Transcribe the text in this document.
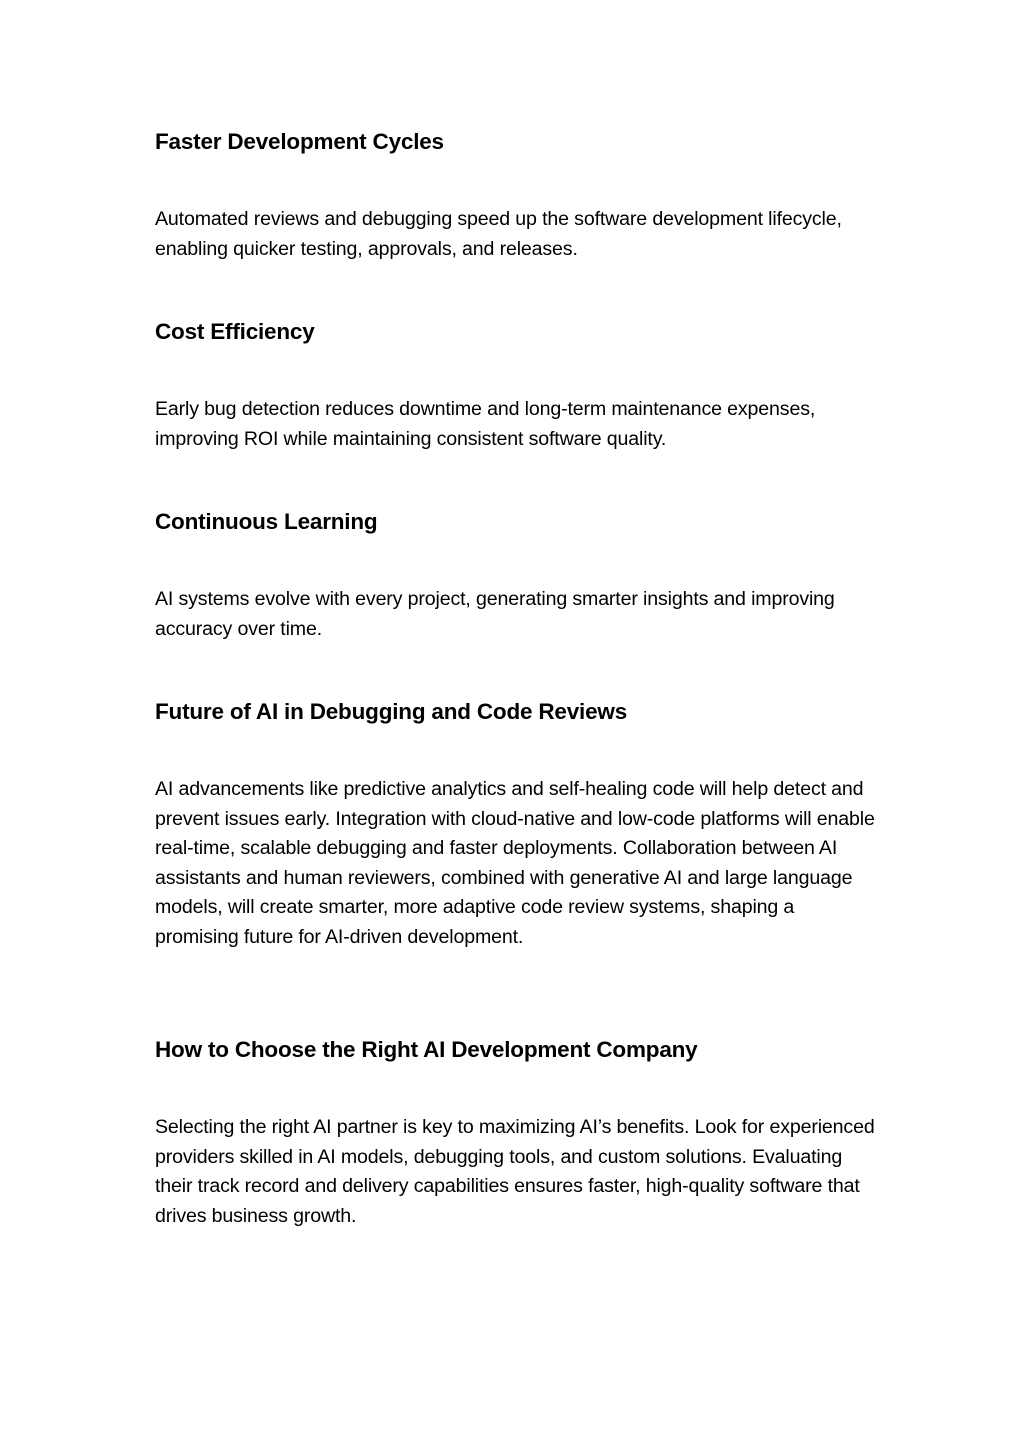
Faster Development Cycles

Automated reviews and debugging speed up the software development lifecycle, enabling quicker testing, approvals, and releases.

Cost Efficiency

Early bug detection reduces downtime and long-term maintenance expenses, improving ROI while maintaining consistent software quality.

Continuous Learning

AI systems evolve with every project, generating smarter insights and improving accuracy over time.

Future of AI in Debugging and Code Reviews

AI advancements like predictive analytics and self-healing code will help detect and prevent issues early. Integration with cloud-native and low-code platforms will enable real-time, scalable debugging and faster deployments. Collaboration between AI assistants and human reviewers, combined with generative AI and large language models, will create smarter, more adaptive code review systems, shaping a promising future for AI-driven development.

How to Choose the Right AI Development Company

Selecting the right AI partner is key to maximizing AI’s benefits. Look for experienced providers skilled in AI models, debugging tools, and custom solutions. Evaluating their track record and delivery capabilities ensures faster, high-quality software that drives business growth.
